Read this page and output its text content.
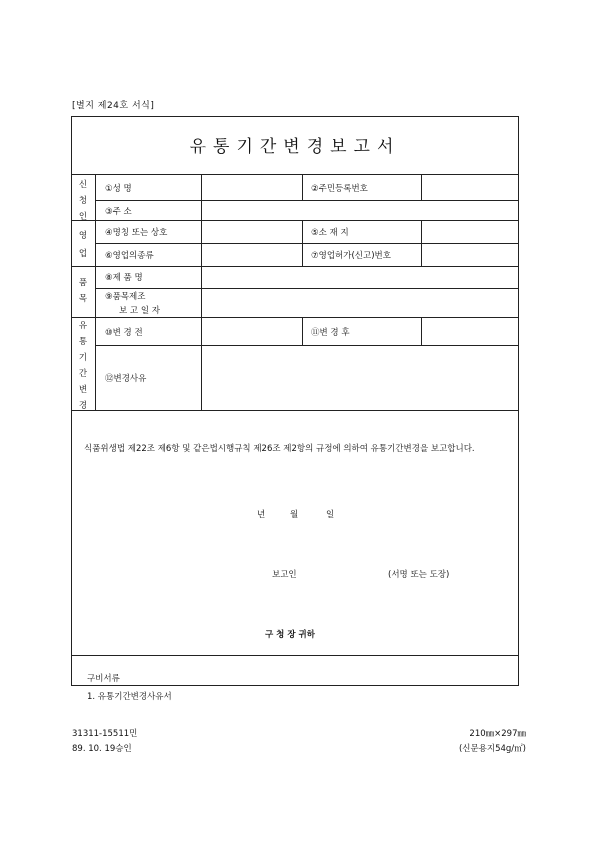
[별지 제24호 서식]
유통기간변경보고서
신청인
영업
품목
유통기간변경
①성 명	②주민등록번호
③주 소
④명칭 또는 상호	⑤소 재 지
⑥영업의종류	⑦영업허가(신고)번호
⑧제 품 명
⑨품목제조
보 고 일 자
⑩변 경 전	⑪변 경 후
⑫변경사유
식품위생법 제22조 제6항 및 같은법시행규칙 제26조 제2항의 규정에 의하여 유통기간변경을 보고합니다.
년	월	일
보고인	(서명 또는 도장)
구 청 장 귀하
구비서류
1. 유통기간변경사유서
31311-15511민
89. 10. 19승인
210㎜×297㎜
(신문용지54g/㎡)
